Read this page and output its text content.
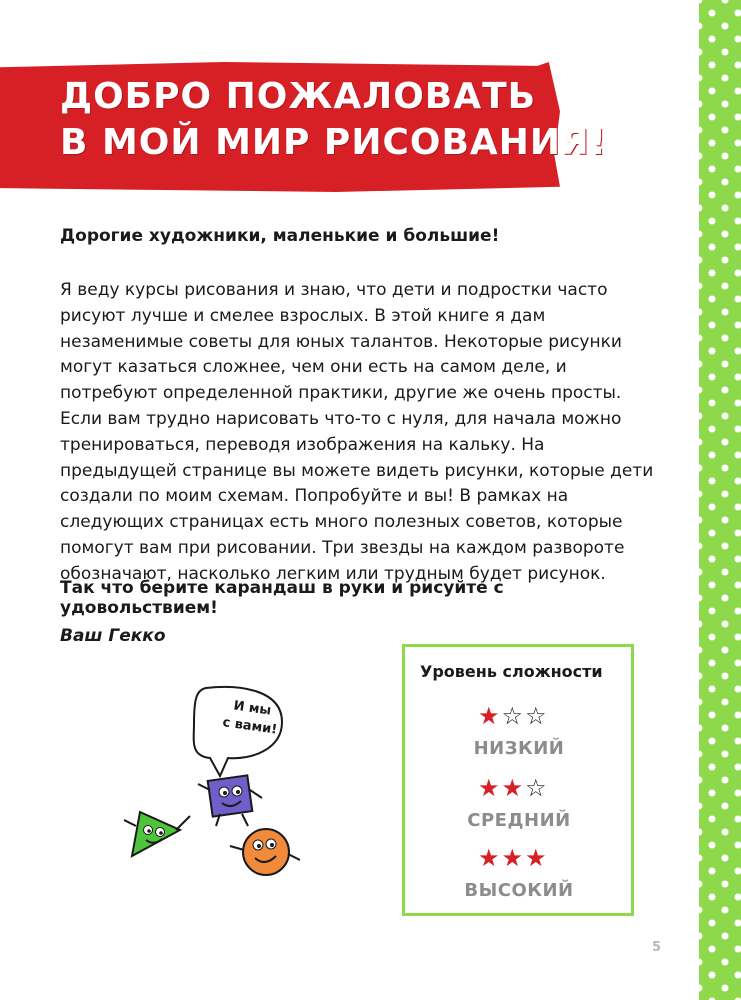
ДОБРО ПОЖАЛОВАТЬ
В МОЙ МИР РИСОВАНИЯ!

Дорогие художники, маленькие и большие!

Я веду курсы рисования и знаю, что дети и подростки часто рисуют лучше и смелее взрослых. В этой книге я дам незаменимые советы для юных талантов. Некоторые рисунки могут казаться сложнее, чем они есть на самом деле, и потребуют определенной практики, другие же очень просты. Если вам трудно нарисовать что-то с нуля, для начала можно тренироваться, переводя изображения на кальку. На предыдущей странице вы можете видеть рисунки, которые дети создали по моим схемам. Попробуйте и вы! В рамках на следующих страницах есть много полезных советов, которые помогут вам при рисовании. Три звезды на каждом развороте обозначают, насколько легким или трудным будет рисунок.

Так что берите карандаш в руки и рисуйте с удовольствием!

Ваш Гекко

И мы
с вами!

Уровень сложности

★☆☆
НИЗКИЙ
★★☆
СРЕДНИЙ
★★★
ВЫСОКИЙ
5
